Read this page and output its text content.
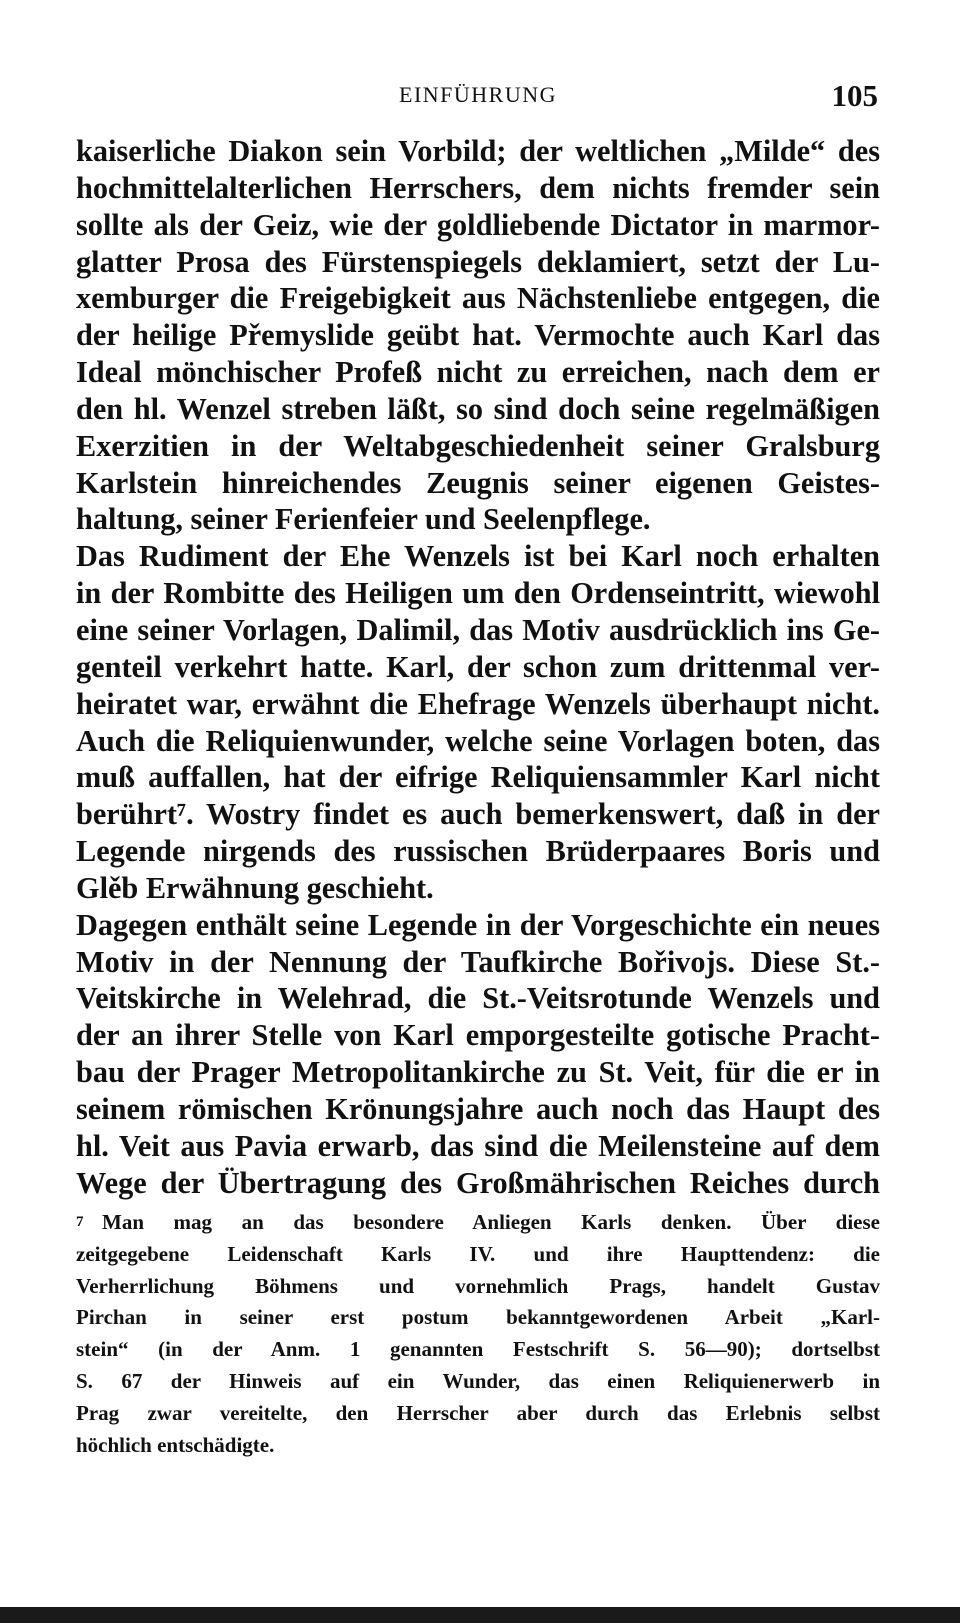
EINFÜHRUNG	105

kaiserliche Diakon sein Vorbild; der weltlichen „Milde“ des
hochmittelalterlichen Herrschers, dem nichts fremder sein
sollte als der Geiz, wie der goldliebende Dictator in marmor-
glatter Prosa des Fürstenspiegels deklamiert, setzt der Lu-
xemburger die Freigebigkeit aus Nächstenliebe entgegen, die
der heilige Přemyslide geübt hat. Vermochte auch Karl das
Ideal mönchischer Profeß nicht zu erreichen, nach dem er
den hl. Wenzel streben läßt, so sind doch seine regelmäßigen
Exerzitien in der Weltabgeschiedenheit seiner Gralsburg
Karlstein hinreichendes Zeugnis seiner eigenen Geistes-
haltung, seiner Ferienfeier und Seelenpflege.

Das Rudiment der Ehe Wenzels ist bei Karl noch erhalten
in der Rombitte des Heiligen um den Ordenseintritt, wiewohl
eine seiner Vorlagen, Dalimil, das Motiv ausdrücklich ins Ge-
genteil verkehrt hatte. Karl, der schon zum drittenmal ver-
heiratet war, erwähnt die Ehefrage Wenzels überhaupt nicht.
Auch die Reliquienwunder, welche seine Vorlagen boten, das
muß auffallen, hat der eifrige Reliquiensammler Karl nicht
berührt⁷. Wostry findet es auch bemerkenswert, daß in der
Legende nirgends des russischen Brüderpaares Boris und
Glěb Erwähnung geschieht.

Dagegen enthält seine Legende in der Vorgeschichte ein neues
Motiv in der Nennung der Taufkirche Bořivojs. Diese St.-
Veitskirche in Welehrad, die St.-Veitsrotunde Wenzels und
der an ihrer Stelle von Karl emporgesteilte gotische Pracht-
bau der Prager Metropolitankirche zu St. Veit, für die er in
seinem römischen Krönungsjahre auch noch das Haupt des
hl. Veit aus Pavia erwarb, das sind die Meilensteine auf dem
Wege der Übertragung des Großmährischen Reiches durch

7 Man mag an das besondere Anliegen Karls denken. Über diese
zeitgegebene Leidenschaft Karls IV. und ihre Haupttendenz: die
Verherrlichung Böhmens und vornehmlich Prags, handelt Gustav
Pirchan in seiner erst postum bekanntgewordenen Arbeit „Karl-
stein“ (in der Anm. 1 genannten Festschrift S. 56—90); dortselbst
S. 67 der Hinweis auf ein Wunder, das einen Reliquienerwerb in
Prag zwar vereitelte, den Herrscher aber durch das Erlebnis selbst
höchlich entschädigte.
